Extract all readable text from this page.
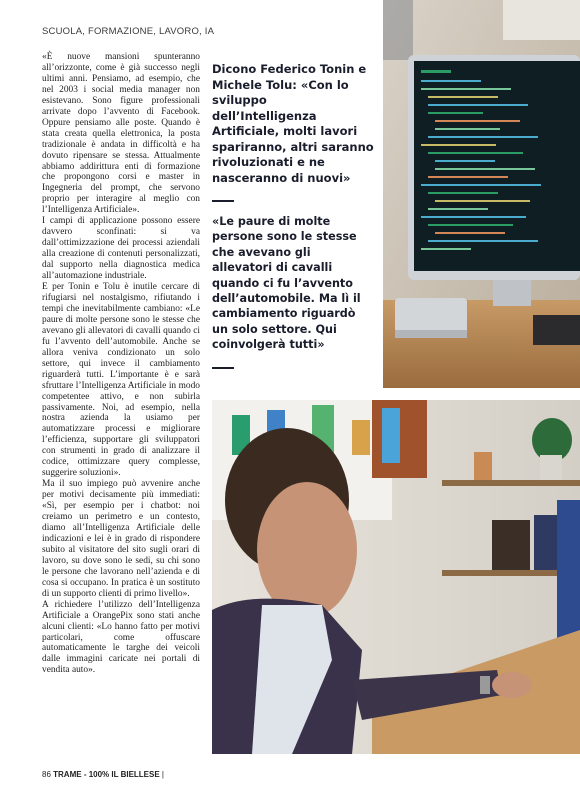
SCUOLA, FORMAZIONE, LAVORO, IA

«È nuove mansioni spunteranno all’orizzonte, come è già successo negli ultimi anni. Pensiamo, ad esempio, che nel 2003 i social media manager non esistevano. Sono figure professionali arrivate dopo l’avvento di Facebook. Oppure pensiamo alle poste. Quando è stata creata quella elettronica, la posta tradizionale è andata in difficoltà e ha dovuto ripensare se stessa. Attualmente abbiamo addirittura enti di formazione che propongono corsi e master in Ingegneria del prompt, che servono proprio per interagire al meglio con l’Intelligenza Artificiale».

I campi di applicazione possono essere davvero sconfinati: si va dall’ottimizzazione dei processi aziendali alla creazione di contenuti personalizzati, dal supporto nella diagnostica medica all’automazione industriale.

E per Tonin e Tolu è inutile cercare di rifugiarsi nel nostalgismo, rifiutando i tempi che inevitabilmente cambiano: «Le paure di molte persone sono le stesse che avevano gli allevatori di cavalli quando ci fu l’avvento dell’automobile. Anche se allora veniva condizionato un solo settore, qui invece il cambiamento riguarderà tutti. L’importante è e sarà sfruttare l’Intelligenza Artificiale in modo competentee attivo, e non subirla passivamente. Noi, ad esempio, nella nostra azienda la usiamo per automatizzare processi e migliorare l’efficienza, supportare gli sviluppatori con strumenti in grado di analizzare il codice, ottimizzare query complesse, suggerire soluzioni».

Ma il suo impiego può avvenire anche per motivi decisamente più immediati: «Sì, per esempio per i chatbot: noi creiamo un perimetro e un contesto, diamo all’Intelligenza Artificiale delle indicazioni e lei è in grado di rispondere subito al visitatore del sito sugli orari di lavoro, su dove sono le sedi, su chi sono le persone che lavorano nell’azienda e di cosa si occupano. In pratica è un sostituto di un supporto clienti di primo livello».

A richiedere l’utilizzo dell’Intelligenza Artificiale a OrangePix sono stati anche alcuni clienti: «Lo hanno fatto per motivi particolari, come offuscare automaticamente le targhe dei veicoli dalle immagini caricate nei portali di vendita auto».

Dicono Federico Tonin e Michele Tolu: «Con lo sviluppo dell’Intelligenza Artificiale, molti lavori spariranno, altri saranno rivoluzionati e ne nasceranno di nuovi»

«Le paure di molte persone sono le stesse che avevano gli allevatori di cavalli quando ci fu l’avvento dell’automobile. Ma lì il cambiamento riguardò un solo settore. Qui coinvolgerà tutti»

86 TRAME - 100% IL BIELLESE |
